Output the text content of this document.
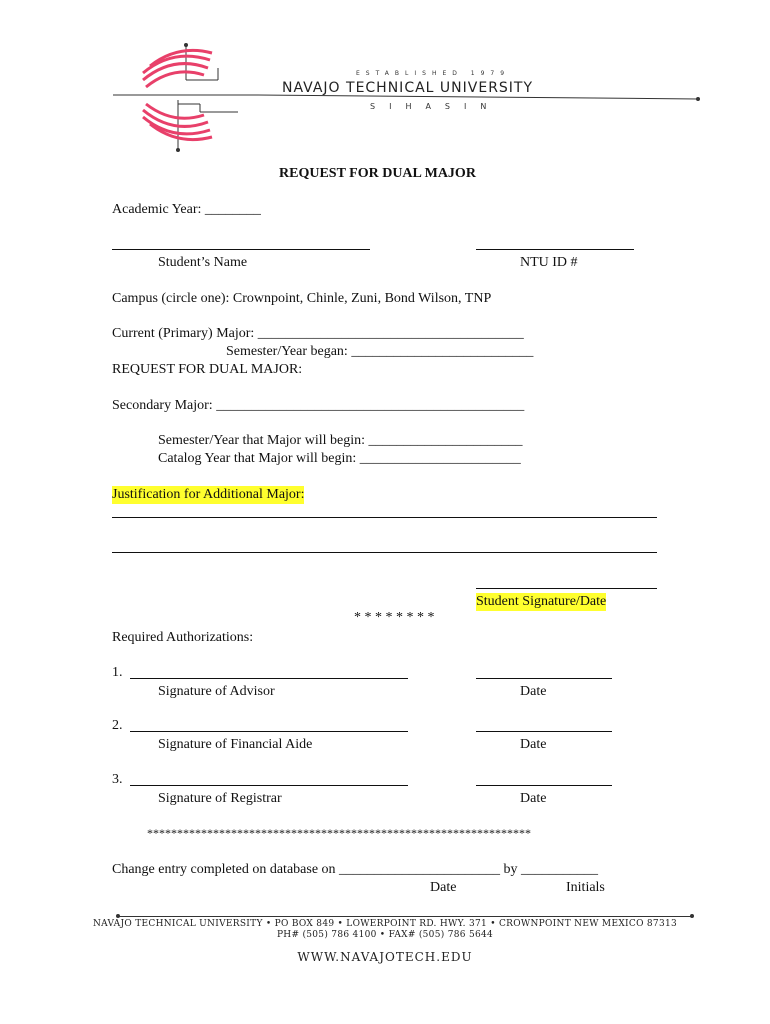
ESTABLISHED 1979
NAVAJO TECHNICAL UNIVERSITY
SIHASIN
REQUEST FOR DUAL MAJOR
Academic Year: ________
Student’s Name	NTU ID #
Campus (circle one): Crownpoint, Chinle, Zuni, Bond Wilson, TNP
Current (Primary) Major: ______________________________________
Semester/Year began: __________________________
REQUEST FOR DUAL MAJOR:
Secondary Major: ____________________________________________
Semester/Year that Major will begin: ______________________
Catalog Year that Major will begin: _______________________
Justification for Additional Major:
Student Signature/Date
* * * * * * * *
Required Authorizations:
1.
Signature of Advisor	Date
2.
Signature of Financial Aide	Date
3.
Signature of Registrar	Date
****************************************************************
Change entry completed on database on _______________________ by ___________
Date	Initials
NAVAJO TECHNICAL UNIVERSITY • PO BOX 849 • LOWERPOINT RD. HWY. 371 • CROWNPOINT NEW MEXICO 87313
PH# (505) 786 4100 • FAX# (505) 786 5644
WWW.NAVAJOTECH.EDU
